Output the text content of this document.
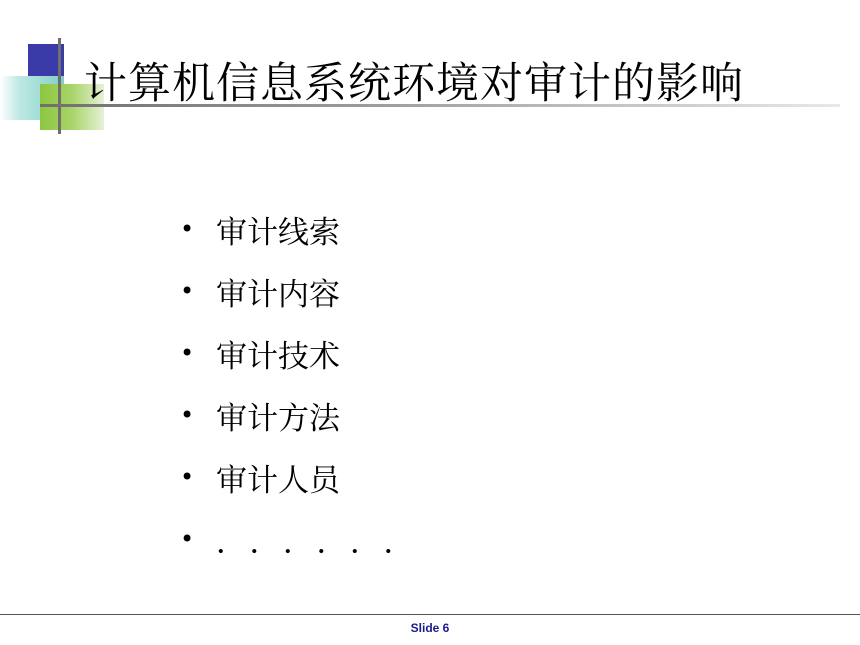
计算机信息系统环境对审计的影响
• 审计线索
• 审计内容
• 审计技术
• 审计方法
• 审计人员
• ．．．．．．
Slide 6
